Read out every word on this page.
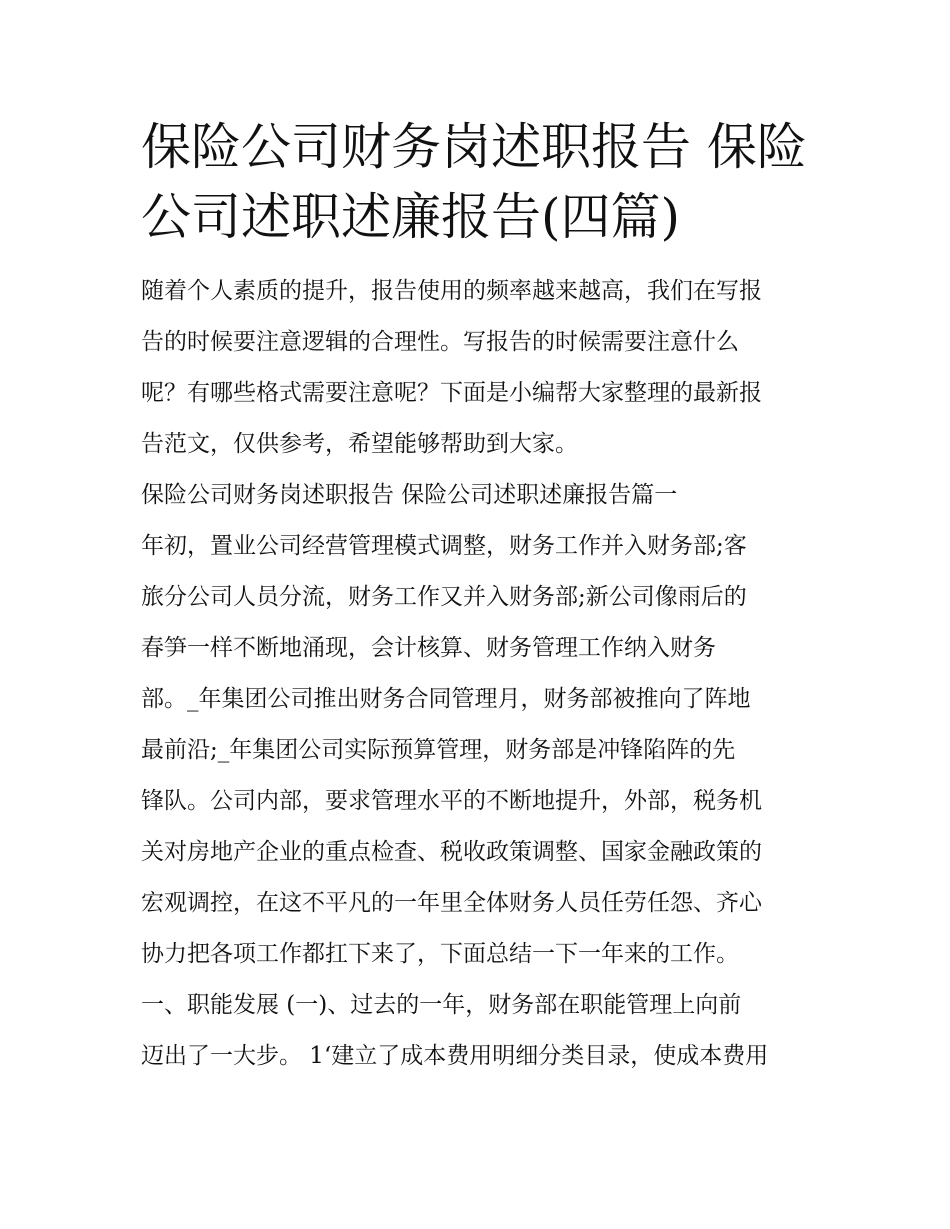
保险公司财务岗述职报告 保险
公司述职述廉报告(四篇)

随着个人素质的提升，报告使用的频率越来越高，我们在写报
告的时候要注意逻辑的合理性。写报告的时候需要注意什么
呢？有哪些格式需要注意呢？下面是小编帮大家整理的最新报
告范文，仅供参考，希望能够帮助到大家。

保险公司财务岗述职报告 保险公司述职述廉报告篇一

年初，置业公司经营管理模式调整，财务工作并入财务部;客
旅分公司人员分流，财务工作又并入财务部;新公司像雨后的
春笋一样不断地涌现，会计核算、财务管理工作纳入财务
部。_年集团公司推出财务合同管理月，财务部被推向了阵地
最前沿;_年集团公司实际预算管理，财务部是冲锋陷阵的先
锋队。公司内部，要求管理水平的不断地提升，外部，税务机
关对房地产企业的重点检查、税收政策调整、国家金融政策的
宏观调控，在这不平凡的一年里全体财务人员任劳任怨、齐心
协力把各项工作都扛下来了，下面总结一下一年来的工作。

一、职能发展 (一)、过去的一年，财务部在职能管理上向前
迈出了一大步。 1‘建立了成本费用明细分类目录，使成本费用
